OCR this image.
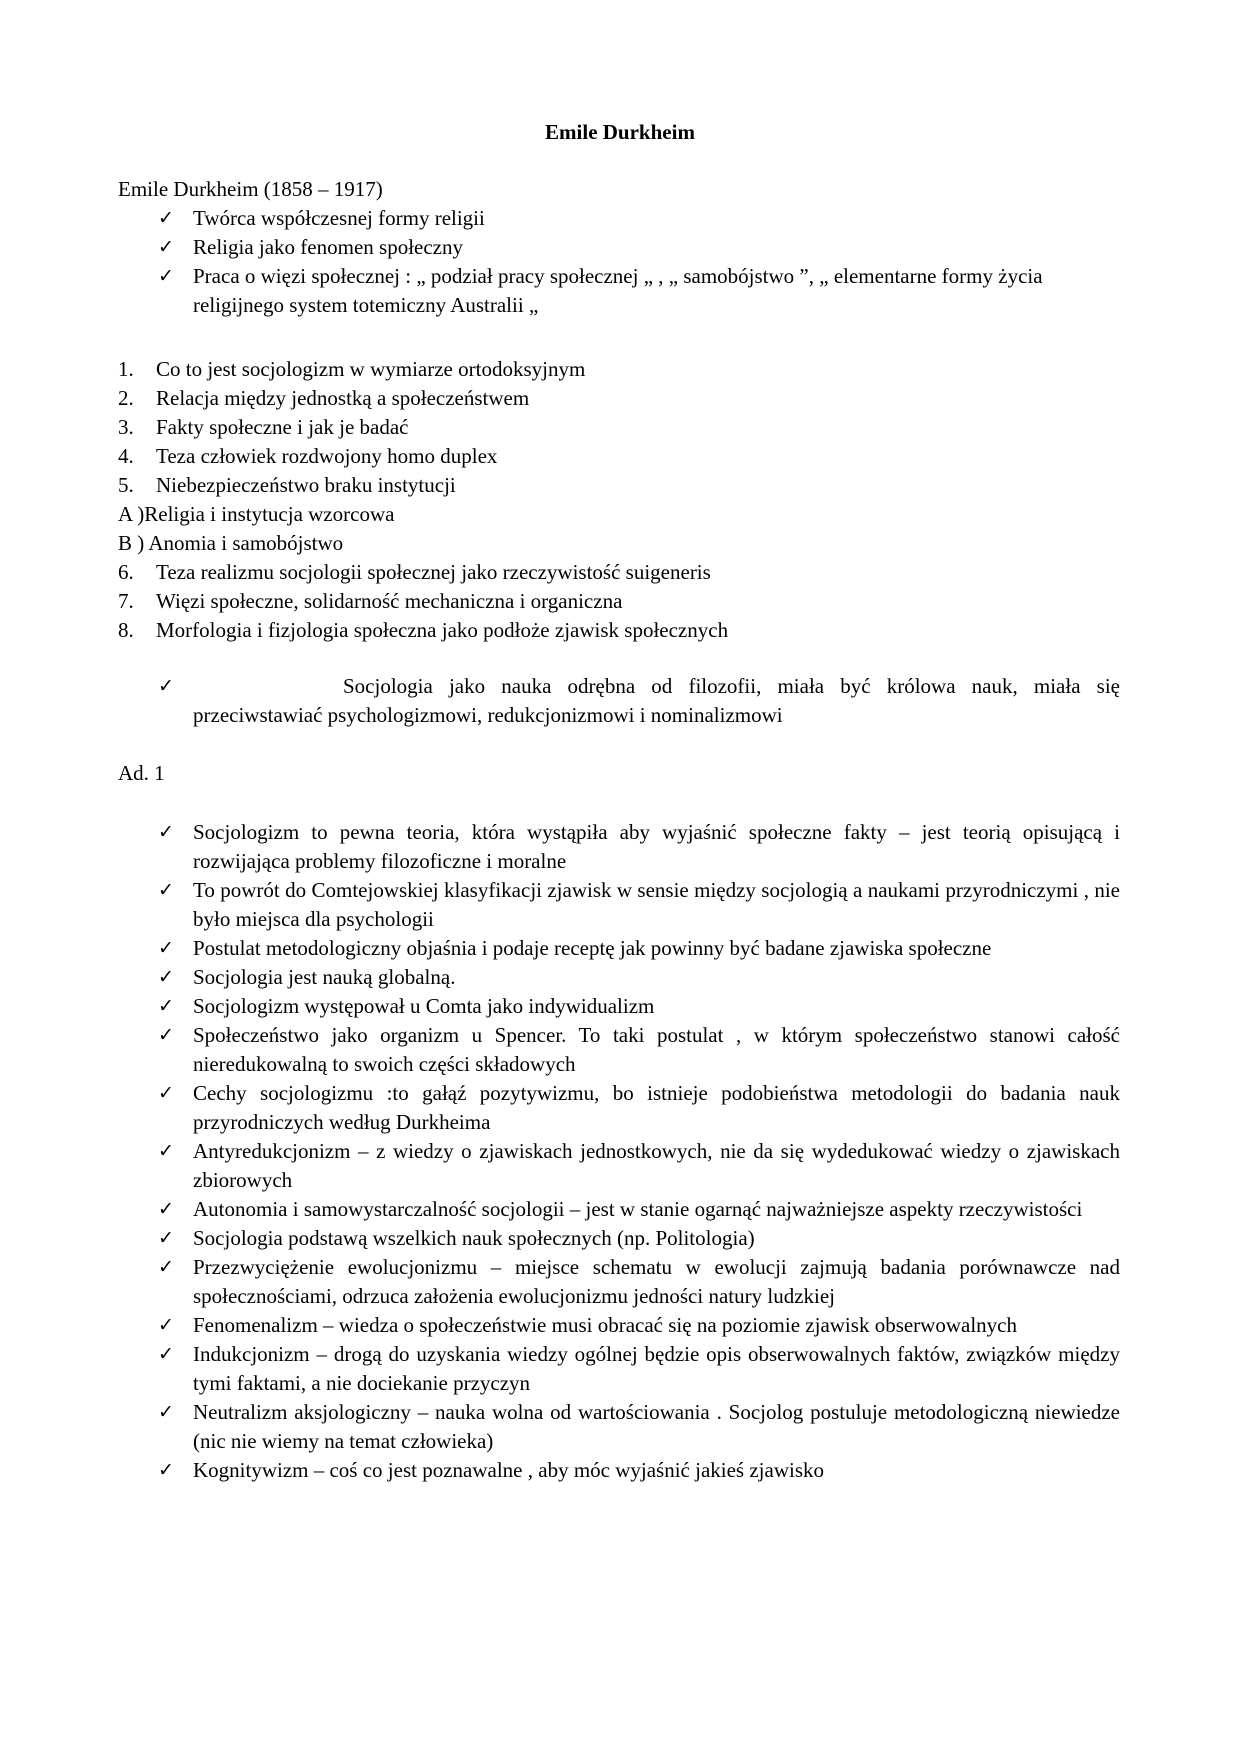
Emile Durkheim

Emile Durkheim (1858 – 1917)

✓ Twórca współczesnej formy religii
✓ Religia jako fenomen społeczny
✓ Praca o więzi społecznej : „ podział pracy społecznej „ , „ samobójstwo ”, „ elementarne formy życia religijnego system totemiczny Australii „
1. Co to jest socjologizm w wymiarze ortodoksyjnym
2. Relacja między jednostką a społeczeństwem
3. Fakty społeczne i jak je badać
4. Teza człowiek rozdwojony homo duplex
5. Niebezpieczeństwo braku instytucji

A )Religia i instytucja wzorcowa

B ) Anomia i samobójstwo

6. Teza realizmu socjologii społecznej jako rzeczywistość suigeneris
7. Więzi społeczne, solidarność mechaniczna i organiczna
8. Morfologia i fizjologia społeczna jako podłoże zjawisk społecznych
✓	Socjologia jako nauka odrębna od filozofii, miała być królowa nauk, miała się przeciwstawiać psychologizmowi, redukcjonizmowi i nominalizmowi

Ad. 1

✓ Socjologizm to pewna teoria, która wystąpiła aby wyjaśnić społeczne fakty – jest teorią opisującą i rozwijająca problemy filozoficzne i moralne
✓ To powrót do Comtejowskiej klasyfikacji zjawisk w sensie między socjologią a naukami przyrodniczymi , nie było miejsca dla psychologii
✓ Postulat metodologiczny objaśnia i podaje receptę jak powinny być badane zjawiska społeczne
✓ Socjologia jest nauką globalną.
✓ Socjologizm występował u Comta jako indywidualizm
✓ Społeczeństwo jako organizm u Spencer. To taki postulat , w którym społeczeństwo stanowi całość nieredukowalną to swoich części składowych
✓ Cechy socjologizmu :to gałąź pozytywizmu, bo istnieje podobieństwa metodologii do badania nauk przyrodniczych według Durkheima
✓ Antyredukcjonizm – z wiedzy o zjawiskach jednostkowych, nie da się wydedukować wiedzy o zjawiskach zbiorowych
✓ Autonomia i samowystarczalność socjologii – jest w stanie ogarnąć najważniejsze aspekty rzeczywistości
✓ Socjologia podstawą wszelkich nauk społecznych (np. Politologia)
✓ Przezwyciężenie ewolucjonizmu – miejsce schematu w ewolucji zajmują badania porównawcze nad społecznościami, odrzuca założenia ewolucjonizmu jedności natury ludzkiej
✓ Fenomenalizm – wiedza o społeczeństwie musi obracać się na poziomie zjawisk obserwowalnych
✓ Indukcjonizm – drogą do uzyskania wiedzy ogólnej będzie opis obserwowalnych faktów, związków między tymi faktami, a nie dociekanie przyczyn
✓ Neutralizm aksjologiczny – nauka wolna od wartościowania . Socjolog postuluje metodologiczną niewiedze (nic nie wiemy na temat człowieka)
✓ Kognitywizm – coś co jest poznawalne , aby móc wyjaśnić jakieś zjawisko
